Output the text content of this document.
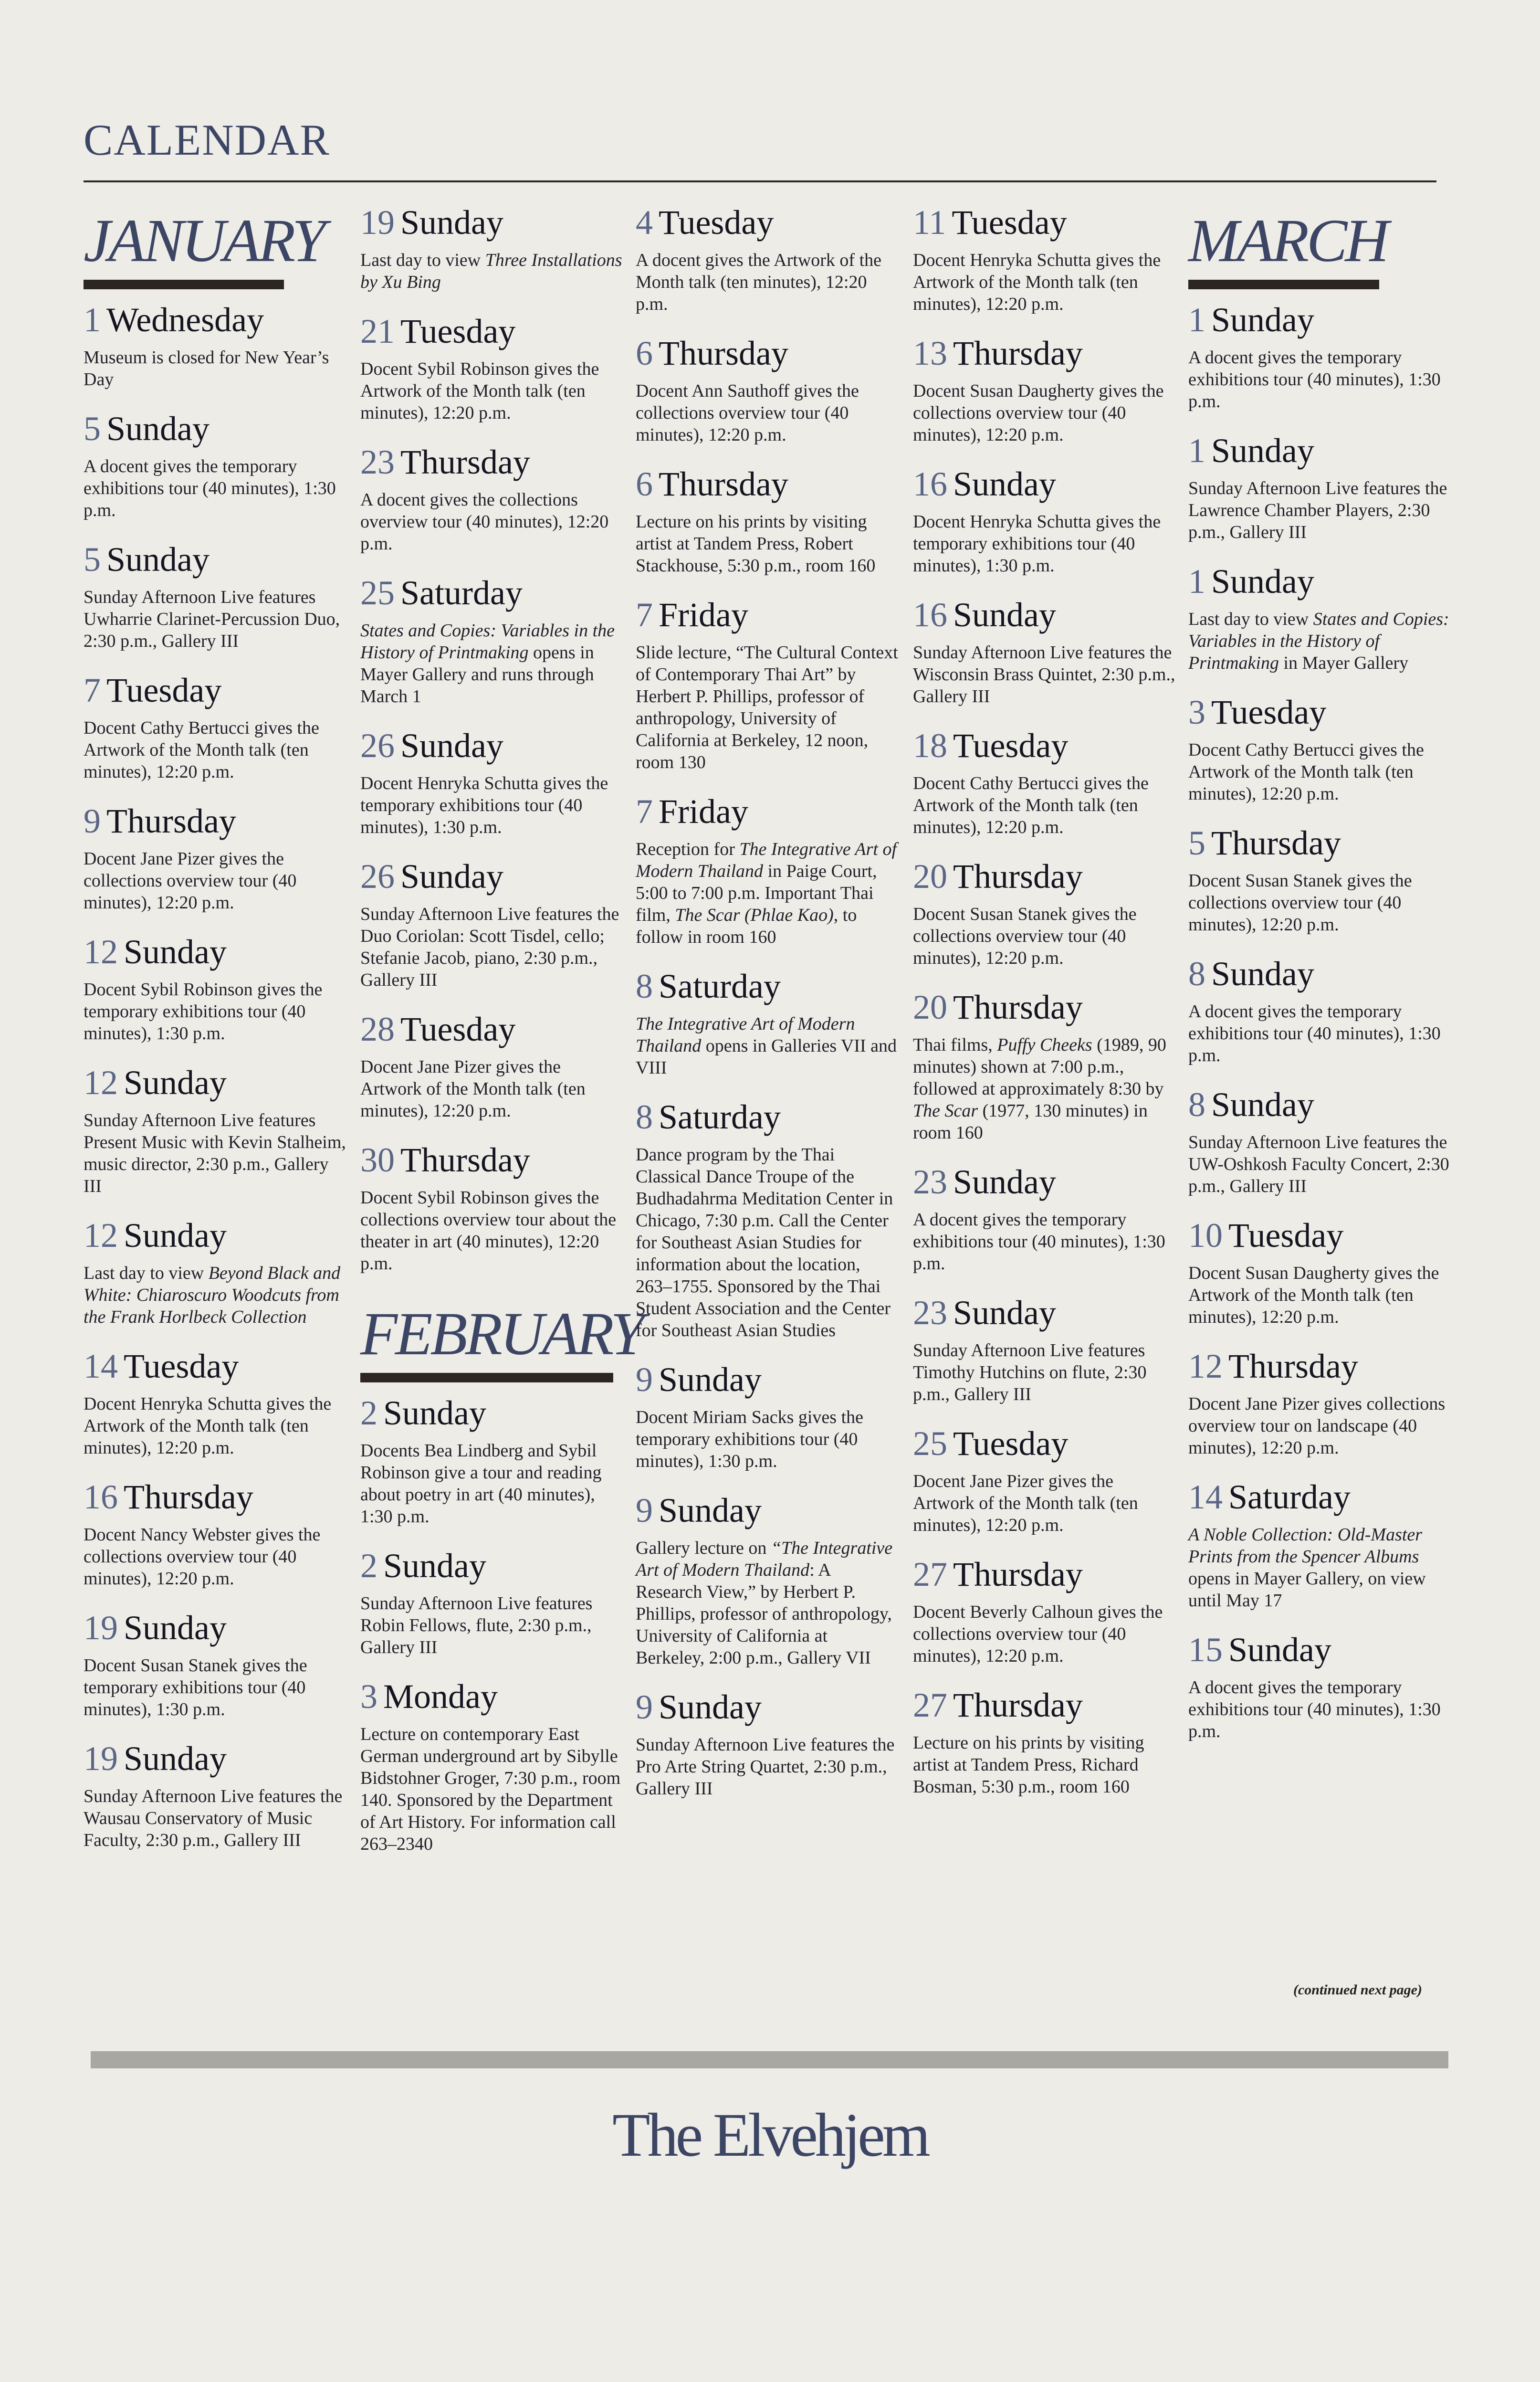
CALENDAR
JANUARY
1 Wednesday

Museum is closed for New Year’s Day

5 Sunday

A docent gives the temporary exhibitions tour (40 minutes), 1:30 p.m.

5 Sunday

Sunday Afternoon Live features Uwharrie Clarinet-Percussion Duo, 2:30 p.m., Gallery III

7 Tuesday

Docent Cathy Bertucci gives the Artwork of the Month talk (ten minutes), 12:20 p.m.

9 Thursday

Docent Jane Pizer gives the collections overview tour (40 minutes), 12:20 p.m.

12 Sunday

Docent Sybil Robinson gives the temporary exhibitions tour (40 minutes), 1:30 p.m.

12 Sunday

Sunday Afternoon Live features Present Music with Kevin Stalheim, music director, 2:30 p.m., Gallery III

12 Sunday

Last day to view Beyond Black and White: Chiaroscuro Woodcuts from the Frank Horlbeck Collection

14 Tuesday

Docent Henryka Schutta gives the Artwork of the Month talk (ten minutes), 12:20 p.m.

16 Thursday

Docent Nancy Webster gives the collections overview tour (40 minutes), 12:20 p.m.

19 Sunday

Docent Susan Stanek gives the temporary exhibitions tour (40 minutes), 1:30 p.m.

19 Sunday

Sunday Afternoon Live features the Wausau Conservatory of Music Faculty, 2:30 p.m., Gallery III

19 Sunday

Last day to view Three Installations by Xu Bing

21 Tuesday

Docent Sybil Robinson gives the Artwork of the Month talk (ten minutes), 12:20 p.m.

23 Thursday

A docent gives the collections overview tour (40 minutes), 12:20 p.m.

25 Saturday

States and Copies: Variables in the History of Printmaking opens in Mayer Gallery and runs through March 1

26 Sunday

Docent Henryka Schutta gives the temporary exhibitions tour (40 minutes), 1:30 p.m.

26 Sunday

Sunday Afternoon Live features the Duo Coriolan: Scott Tisdel, cello; Stefanie Jacob, piano, 2:30 p.m., Gallery III

28 Tuesday

Docent Jane Pizer gives the Artwork of the Month talk (ten minutes), 12:20 p.m.

30 Thursday

Docent Sybil Robinson gives the collections overview tour about the theater in art (40 minutes), 12:20 p.m.

FEBRUARY
2 Sunday

Docents Bea Lindberg and Sybil Robinson give a tour and reading about poetry in art (40 minutes), 1:30 p.m.

2 Sunday

Sunday Afternoon Live features Robin Fellows, flute, 2:30 p.m., Gallery III

3 Monday

Lecture on contemporary East German underground art by Sibylle Bidstohner Groger, 7:30 p.m., room 140. Sponsored by the Department of Art History. For information call 263–2340

4 Tuesday

A docent gives the Artwork of the Month talk (ten minutes), 12:20 p.m.

6 Thursday

Docent Ann Sauthoff gives the collections overview tour (40 minutes), 12:20 p.m.

6 Thursday

Lecture on his prints by visiting artist at Tandem Press, Robert Stackhouse, 5:30 p.m., room 160

7 Friday

Slide lecture, “The Cultural Context of Contemporary Thai Art” by Herbert P. Phillips, professor of anthropology, University of California at Berkeley, 12 noon, room 130

7 Friday

Reception for The Integrative Art of Modern Thailand in Paige Court, 5:00 to 7:00 p.m. Important Thai film, The Scar (Phlae Kao), to follow in room 160

8 Saturday

The Integrative Art of Modern Thailand opens in Galleries VII and VIII

8 Saturday

Dance program by the Thai Classical Dance Troupe of the Budhadahrma Meditation Center in Chicago, 7:30 p.m. Call the Center for Southeast Asian Studies for information about the location, 263–1755. Sponsored by the Thai Student Association and the Center for Southeast Asian Studies

9 Sunday

Docent Miriam Sacks gives the temporary exhibitions tour (40 minutes), 1:30 p.m.

9 Sunday

Gallery lecture on “The Integrative Art of Modern Thailand: A Research View,” by Herbert P. Phillips, professor of anthropology, University of California at Berkeley, 2:00 p.m., Gallery VII

9 Sunday

Sunday Afternoon Live features the Pro Arte String Quartet, 2:30 p.m., Gallery III

11 Tuesday

Docent Henryka Schutta gives the Artwork of the Month talk (ten minutes), 12:20 p.m.

13 Thursday

Docent Susan Daugherty gives the collections overview tour (40 minutes), 12:20 p.m.

16 Sunday

Docent Henryka Schutta gives the temporary exhibitions tour (40 minutes), 1:30 p.m.

16 Sunday

Sunday Afternoon Live features the Wisconsin Brass Quintet, 2:30 p.m., Gallery III

18 Tuesday

Docent Cathy Bertucci gives the Artwork of the Month talk (ten minutes), 12:20 p.m.

20 Thursday

Docent Susan Stanek gives the collections overview tour (40 minutes), 12:20 p.m.

20 Thursday

Thai films, Puffy Cheeks (1989, 90 minutes) shown at 7:00 p.m., followed at approximately 8:30 by The Scar (1977, 130 minutes) in room 160

23 Sunday

A docent gives the temporary exhibitions tour (40 minutes), 1:30 p.m.

23 Sunday

Sunday Afternoon Live features Timothy Hutchins on flute, 2:30 p.m., Gallery III

25 Tuesday

Docent Jane Pizer gives the Artwork of the Month talk (ten minutes), 12:20 p.m.

27 Thursday

Docent Beverly Calhoun gives the collections overview tour (40 minutes), 12:20 p.m.

27 Thursday

Lecture on his prints by visiting artist at Tandem Press, Richard Bosman, 5:30 p.m., room 160

MARCH
1 Sunday

A docent gives the temporary exhibitions tour (40 minutes), 1:30 p.m.

1 Sunday

Sunday Afternoon Live features the Lawrence Chamber Players, 2:30 p.m., Gallery III

1 Sunday

Last day to view States and Copies: Variables in the History of Printmaking in Mayer Gallery

3 Tuesday

Docent Cathy Bertucci gives the Artwork of the Month talk (ten minutes), 12:20 p.m.

5 Thursday

Docent Susan Stanek gives the collections overview tour (40 minutes), 12:20 p.m.

8 Sunday

A docent gives the temporary exhibitions tour (40 minutes), 1:30 p.m.

8 Sunday

Sunday Afternoon Live features the UW-Oshkosh Faculty Concert, 2:30 p.m., Gallery III

10 Tuesday

Docent Susan Daugherty gives the Artwork of the Month talk (ten minutes), 12:20 p.m.

12 Thursday

Docent Jane Pizer gives collections overview tour on landscape (40 minutes), 12:20 p.m.

14 Saturday

A Noble Collection: Old-Master Prints from the Spencer Albums opens in Mayer Gallery, on view until May 17

15 Sunday

A docent gives the temporary exhibitions tour (40 minutes), 1:30 p.m.

(continued next page)
The Elvehjem
